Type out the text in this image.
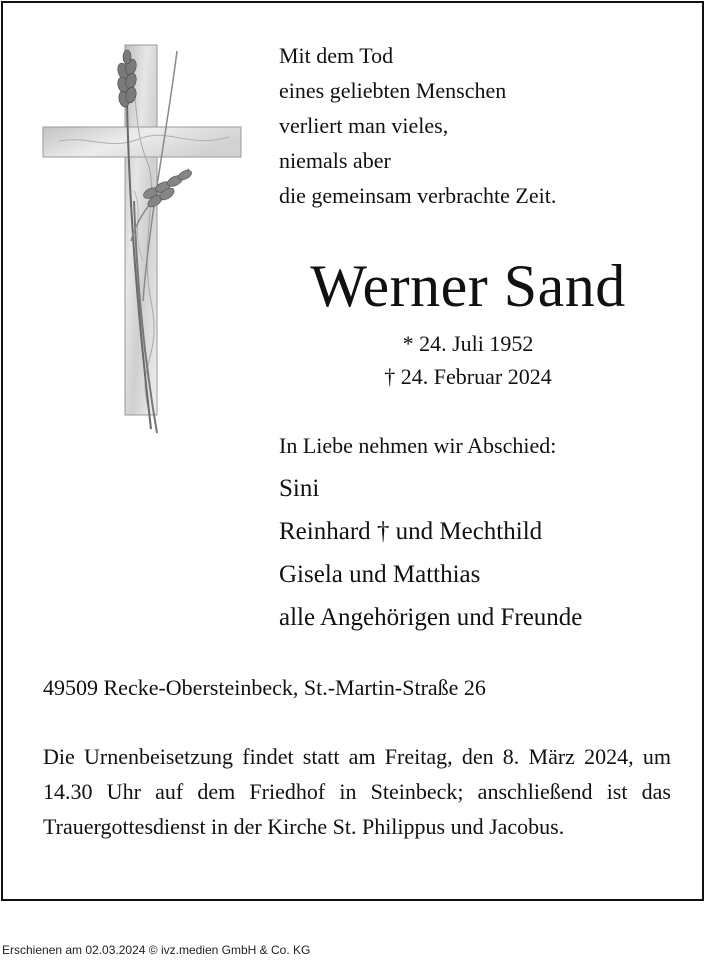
Mit dem Tod
eines geliebten Menschen
verliert man vieles,
niemals aber
die gemeinsam verbrachte Zeit.
Werner Sand
* 24. Juli 1952
† 24. Februar 2024
In Liebe nehmen wir Abschied:
Sini
Reinhard † und Mechthild
Gisela und Matthias
alle Angehörigen und Freunde
49509 Recke-Obersteinbeck, St.-Martin-Straße 26
Die Urnenbeisetzung findet statt am Freitag, den 8. März 2024, um 14.30 Uhr auf dem Friedhof in Steinbeck; anschließend ist das Trauergottesdienst in der Kirche St. Philippus und Jacobus.
Erschienen am 02.03.2024 © ivz.medien GmbH & Co. KG
